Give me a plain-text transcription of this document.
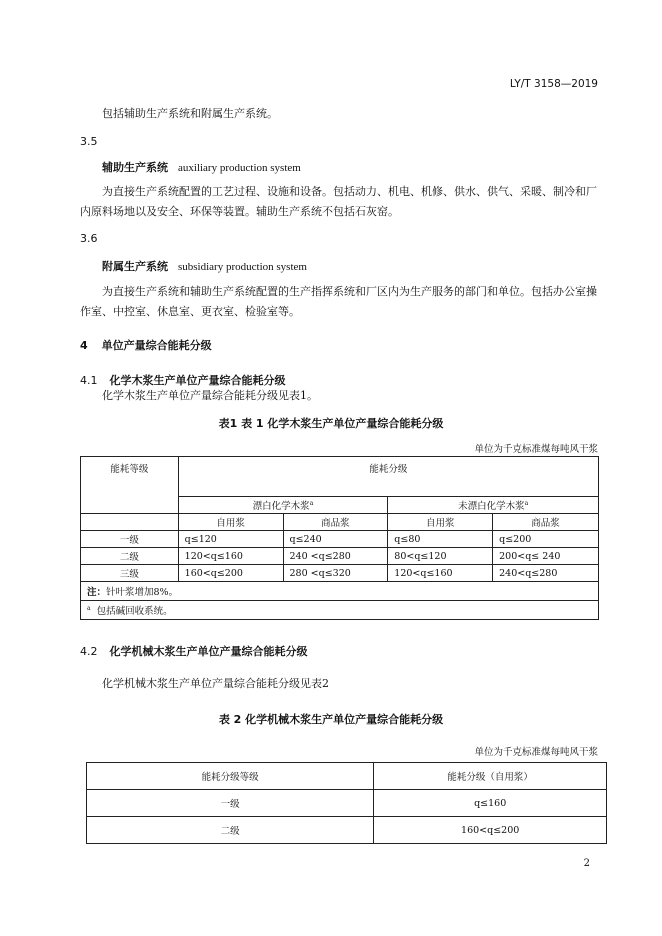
LY/T 3158—2019
包括辅助生产系统和附属生产系统。
3.5
辅助生产系统 auxiliary production system
为直接生产系统配置的工艺过程、设施和设备。包括动力、机电、机修、供水、供气、采暖、制冷和厂内原料场地以及安全、环保等装置。辅助生产系统不包括石灰窑。
3.6
附属生产系统 subsidiary production system
为直接生产系统和辅助生产系统配置的生产指挥系统和厂区内为生产服务的部门和单位。包括办公室操作室、中控室、休息室、更衣室、检验室等。
4 单位产量综合能耗分级
4.1 化学木浆生产单位产量综合能耗分级
化学木浆生产单位产量综合能耗分级见表1。
表1 表 1 化学木浆生产单位产量综合能耗分级
单位为千克标准煤每吨风干浆
能耗等级	能耗分级			
	漂白化学木浆$^a$		未漂白化学木浆$^a$
	自用浆	商品浆	自用浆	商品浆
一级	q≤120	q≤240	q≤80	q≤200
二级	120<q≤160	240 <q≤280	80<q≤120	200<q≤ 240
三级	160<q≤200	280 <q≤320	120<q≤160	240<q≤280
注：针叶浆增加8%。				
$^a$ 包括碱回收系统。				
4.2 化学机械木浆生产单位产量综合能耗分级
化学机械木浆生产单位产量综合能耗分级见表2
表 2 化学机械木浆生产单位产量综合能耗分级
单位为千克标准煤每吨风干浆
能耗分级等级	能耗分级（自用浆）
一级	q≤160
二级	160<q≤200
2
